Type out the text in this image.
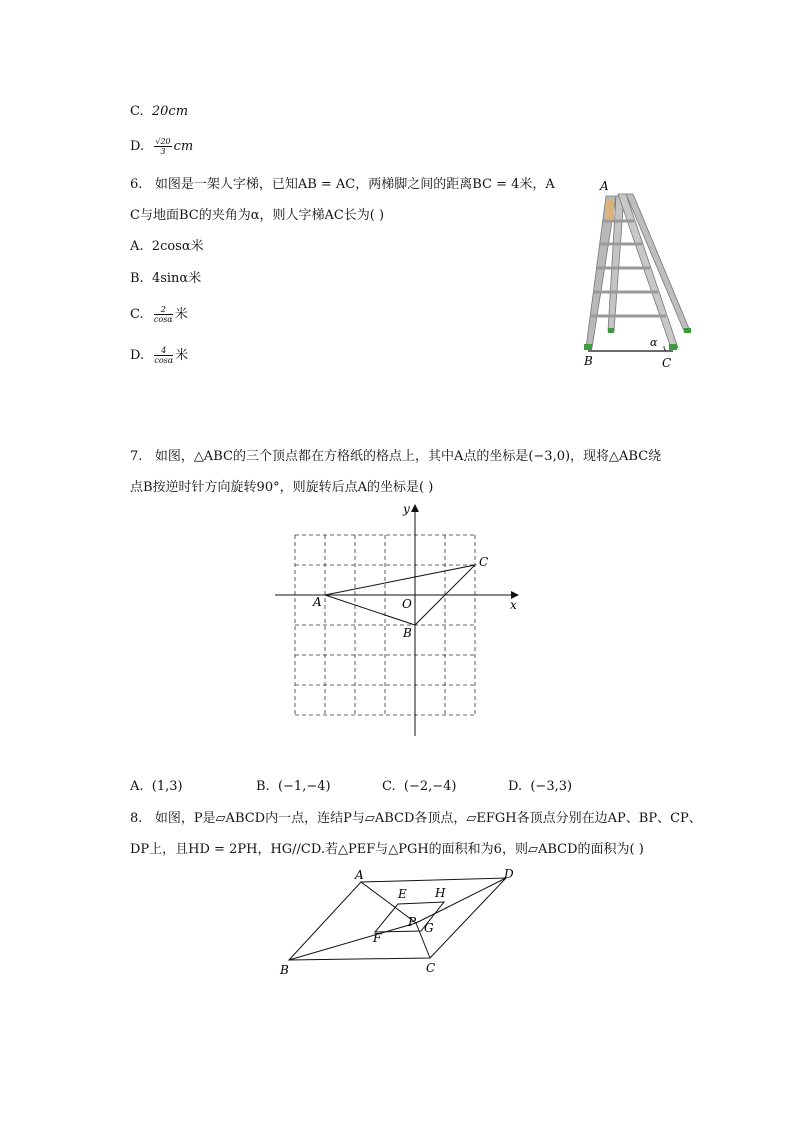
C. 20cm
D. $\frac{√20}{3}$ cm
6. 如图是一架人字梯，已知AB = AC，两梯脚之间的距离BC = 4米，A
C与地面BC的夹角为α，则人字梯AC长为( )
A. 2cosα米
B. 4sinα米
C. $\frac{2}{\cos\alpha}$ 米
D. $\frac{4}{\cos\alpha}$ 米
A
B	C
α
7. 如图，△ABC的三个顶点都在方格纸的格点上，其中A点的坐标是(−3,0)，现将△ABC绕
点B按逆时针方向旋转90°，则旋转后点A的坐标是( )
A
C
B
O	x
y
A. (1,3)	B. (−1,−4)	C. (−2,−4)	D. (−3,3)
8. 如图，P是▱ABCD内一点，连结P与▱ABCD各顶点，▱EFGH各顶点分别在边AP、BP、CP、
DP上，且HD = 2PH，HG//CD.若△PEF与△PGH的面积和为6，则▱ABCD的面积为( )
A	D
B	C
E H
F
G
P
